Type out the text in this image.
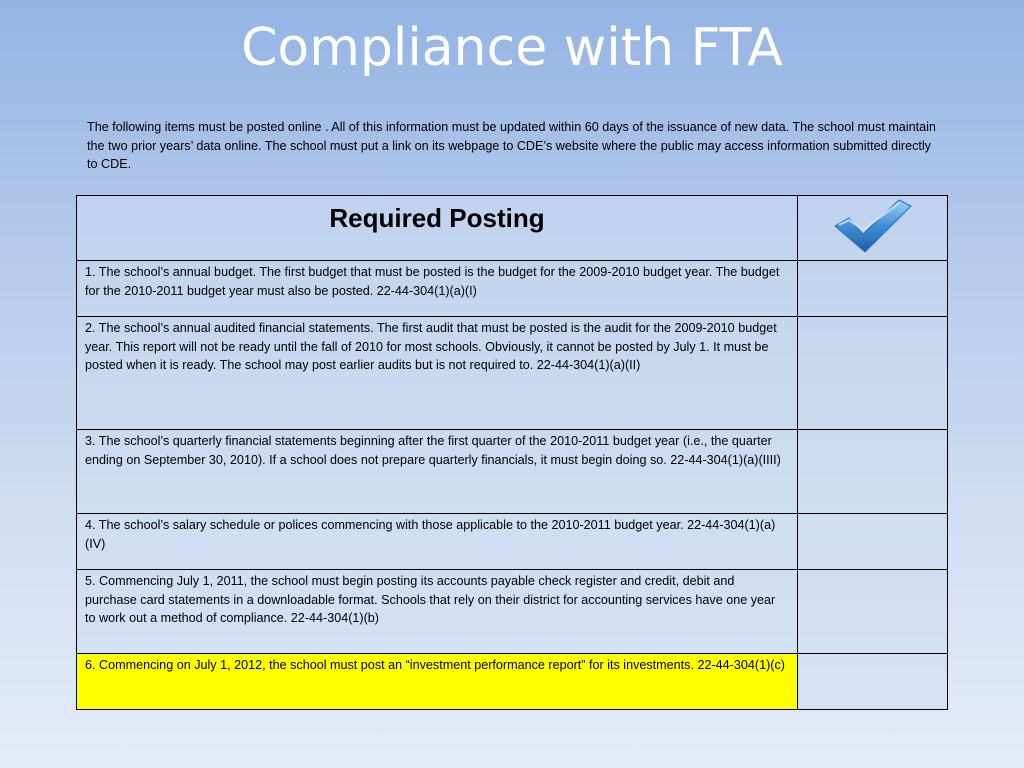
Compliance with FTA
The following items must be posted online . All of this information must be updated within 60 days of the issuance of new data. The school must maintain the two prior years’ data online. The school must put a link on its webpage to CDE’s website where the public may access information submitted directly to CDE.
Required Posting	
1. The school’s annual budget. The first budget that must be posted is the budget for the 2009-2010 budget year. The budget for the 2010-2011 budget year must also be posted. 22-44-304(1)(a)(I)	
2. The school’s annual audited financial statements. The first audit that must be posted is the audit for the 2009-2010 budget year. This report will not be ready until the fall of 2010 for most schools. Obviously, it cannot be posted by July 1. It must be posted when it is ready. The school may post earlier audits but is not required to. 22-44-304(1)(a)(II)	
3. The school’s quarterly financial statements beginning after the first quarter of the 2010-2011 budget year (i.e., the quarter ending on September 30, 2010). If a school does not prepare quarterly financials, it must begin doing so. 22-44-304(1)(a)(IIII)	
4. The school’s salary schedule or polices commencing with those applicable to the 2010-2011 budget year. 22-44-304(1)(a)(IV)	
5. Commencing July 1, 2011, the school must begin posting its accounts payable check register and credit, debit and purchase card statements in a downloadable format. Schools that rely on their district for accounting services have one year to work out a method of compliance. 22-44-304(1)(b)	
6. Commencing on July 1, 2012, the school must post an “investment performance report” for its investments. 22-44-304(1)(c)	
